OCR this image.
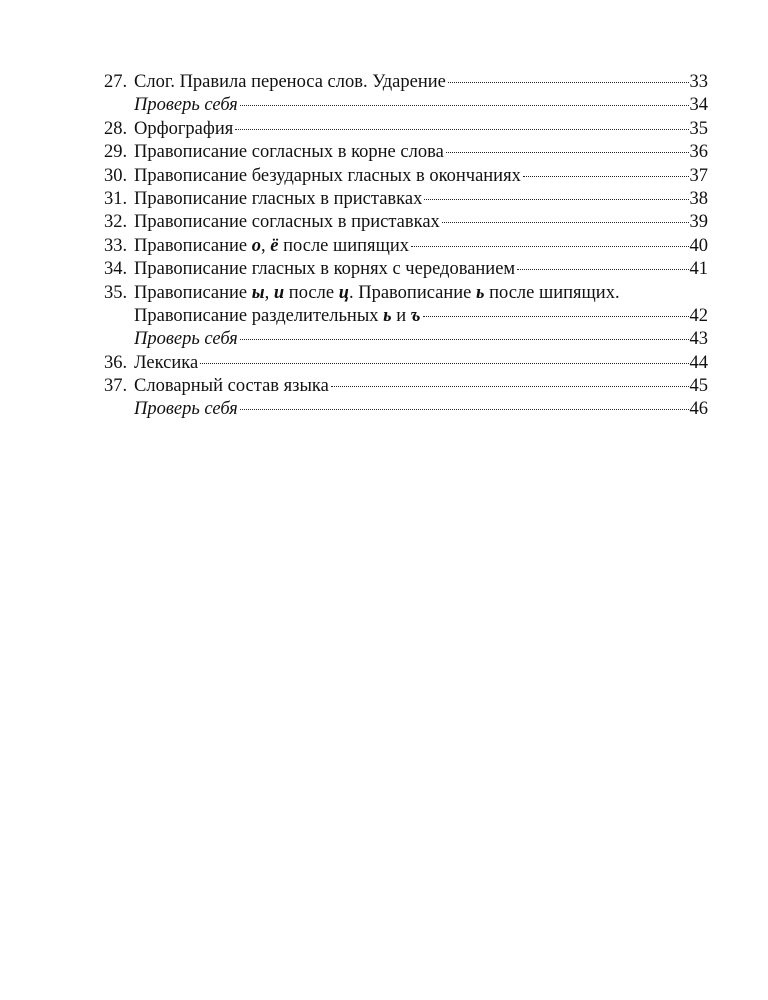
27. Слог. Правила переноса слов. Ударение	33
Проверь себя	34
28. Орфография	35
29. Правописание согласных в корне слова	36
30. Правописание безударных гласных в окончаниях	37
31. Правописание гласных в приставках	38
32. Правописание согласных в приставках	39
33. Правописание о, ё после шипящих	40
34. Правописание гласных в корнях с чередованием	41
35. Правописание ы, и после ц. Правописание ь после шипящих.
Правописание разделительных ь и ъ	42
Проверь себя	43
36. Лексика	44
37. Словарный состав языка	45
Проверь себя	46
